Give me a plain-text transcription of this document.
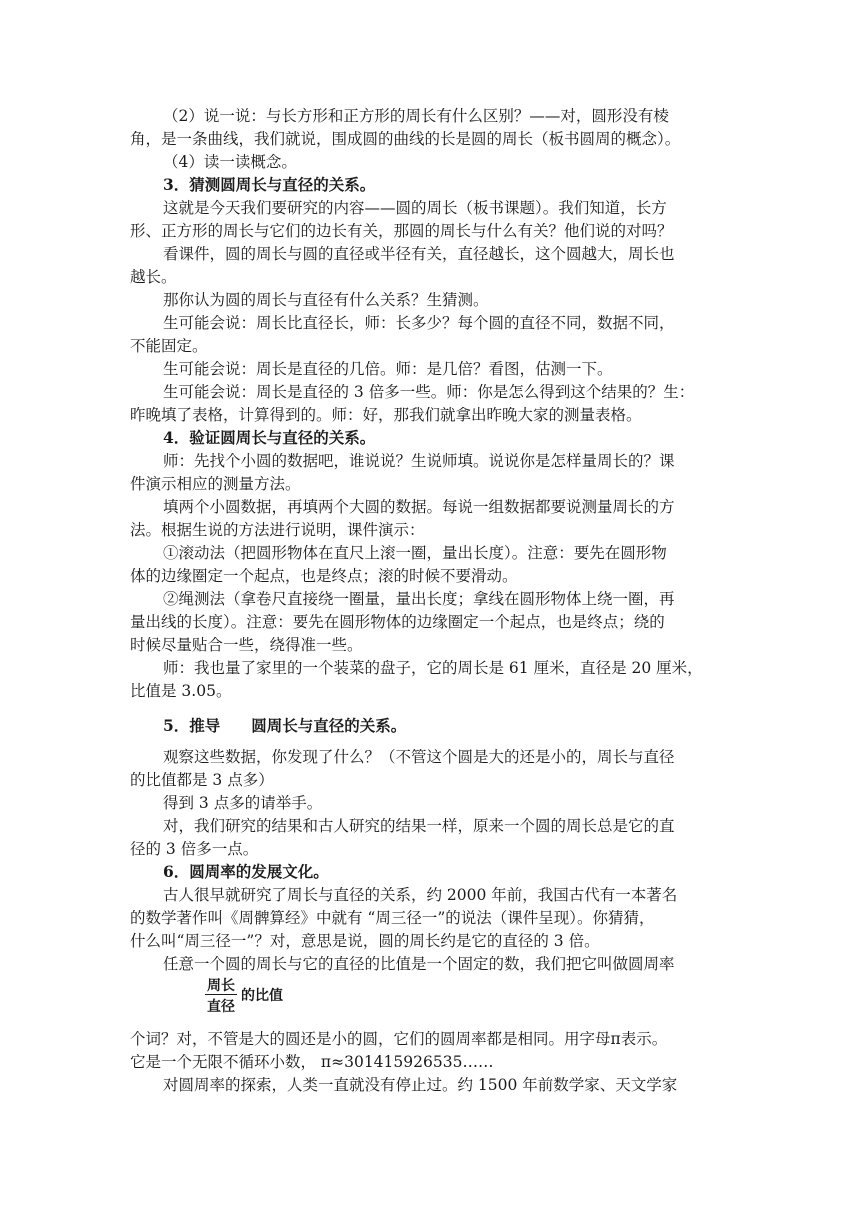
（2）说一说：与长方形和正方形的周长有什么区别？——对，圆形没有棱
角，是一条曲线，我们就说，围成圆的曲线的长是圆的周长（板书圆周的概念）。
（4）读一读概念。
3．猜测圆周长与直径的关系。
这就是今天我们要研究的内容——圆的周长（板书课题）。我们知道，长方
形、正方形的周长与它们的边长有关，那圆的周长与什么有关？他们说的对吗？
看课件，圆的周长与圆的直径或半径有关，直径越长，这个圆越大，周长也
越长。
那你认为圆的周长与直径有什么关系？生猜测。
生可能会说：周长比直径长，师：长多少？每个圆的直径不同，数据不同，
不能固定。
生可能会说：周长是直径的几倍。师：是几倍？看图，估测一下。
生可能会说：周长是直径的 3 倍多一些。师：你是怎么得到这个结果的？生：
昨晚填了表格，计算得到的。师：好，那我们就拿出昨晚大家的测量表格。
4．验证圆周长与直径的关系。
师：先找个小圆的数据吧，谁说说？生说师填。说说你是怎样量周长的？课
件演示相应的测量方法。
填两个小圆数据，再填两个大圆的数据。每说一组数据都要说测量周长的方
法。根据生说的方法进行说明，课件演示：
①滚动法（把圆形物体在直尺上滚一圈，量出长度）。注意：要先在圆形物
体的边缘圈定一个起点，也是终点；滚的时候不要滑动。
②绳测法（拿卷尺直接绕一圈量，量出长度；拿线在圆形物体上绕一圈，再
量出线的长度）。注意：要先在圆形物体的边缘圈定一个起点，也是终点；绕的
时候尽量贴合一些，绕得准一些。
师：我也量了家里的一个装菜的盘子，它的周长是 61 厘米，直径是 20 厘米，
比值是 3.05。
5．推导　　圆周长与直径的关系。
观察这些数据，你发现了什么？（不管这个圆是大的还是小的，周长与直径
的比值都是 3 点多）
得到 3 点多的请举手。
对，我们研究的结果和古人研究的结果一样，原来一个圆的周长总是它的直
径的 3 倍多一点。
6．圆周率的发展文化。
古人很早就研究了周长与直径的关系，约 2000 年前，我国古代有一本著名
的数学著作叫《周髀算经》中就有 “周三径一”的说法（课件呈现）。你猜猜，
什么叫“周三径一”？对，意思是说，圆的周长约是它的直径的 3 倍。
任意一个圆的周长与它的直径的比值是一个固定的数，我们把它叫做圆周率
周长
直径
的比值
个词？对，不管是大的圆还是小的圆，它们的圆周率都是相同。用字母π表示。
它是一个无限不循环小数， π≈301415926535……
对圆周率的探索，人类一直就没有停止过。约 1500 年前数学家、天文学家
